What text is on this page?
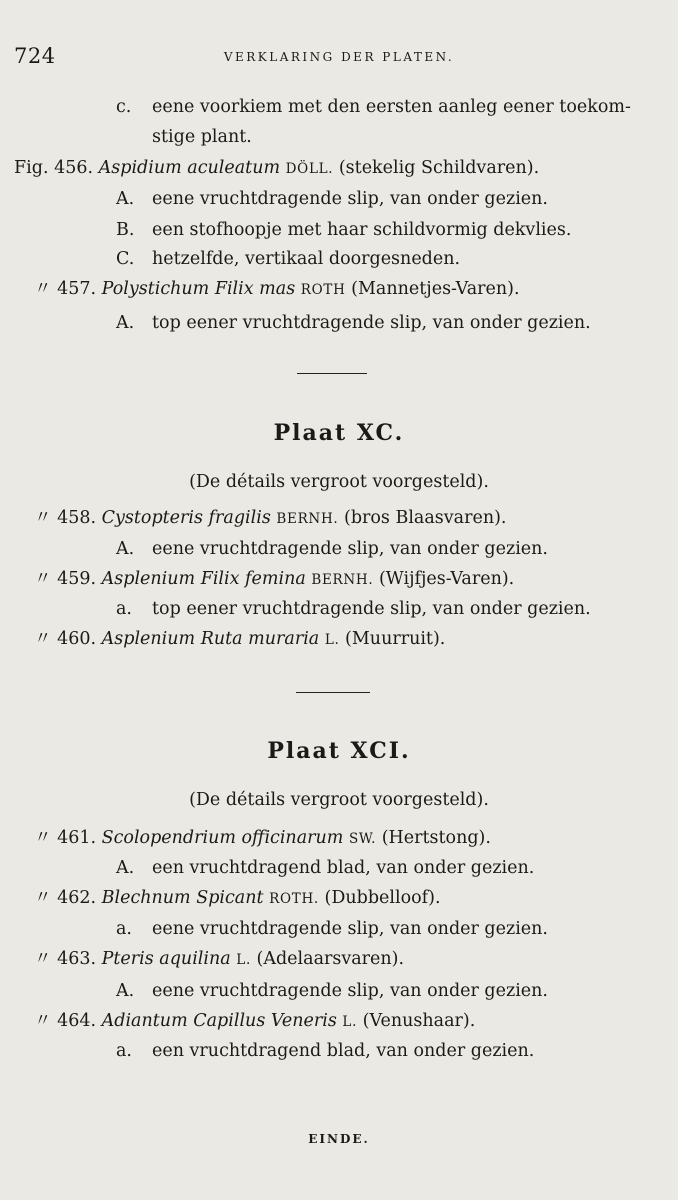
724	VERKLARING DER PLATEN.
c. eene voorkiem met den eersten aanleg eener toekom-
stige plant.
Fig. 456. Aspidium aculeatum DÖLL. (stekelig Schildvaren).
A. eene vruchtdragende slip, van onder gezien.
B. een stofhoopje met haar schildvormig dekvlies.
C. hetzelfde, vertikaal doorgesneden.
〃 457. Polystichum Filix mas ROTH (Mannetjes-Varen).
A. top eener vruchtdragende slip, van onder gezien.
Plaat XC.
(De détails vergroot voorgesteld).
〃 458. Cystopteris fragilis BERNH. (bros Blaasvaren).
A. eene vruchtdragende slip, van onder gezien.
〃 459. Asplenium Filix femina BERNH. (Wijfjes-Varen).
a. top eener vruchtdragende slip, van onder gezien.
〃 460. Asplenium Ruta muraria L. (Muurruit).
Plaat XCI.
(De détails vergroot voorgesteld).
〃 461. Scolopendrium officinarum SW. (Hertstong).
A. een vruchtdragend blad, van onder gezien.
〃 462. Blechnum Spicant ROTH. (Dubbelloof).
a. eene vruchtdragende slip, van onder gezien.
〃 463. Pteris aquilina L. (Adelaarsvaren).
A. eene vruchtdragende slip, van onder gezien.
〃 464. Adiantum Capillus Veneris L. (Venushaar).
a. een vruchtdragend blad, van onder gezien.
EINDE.
